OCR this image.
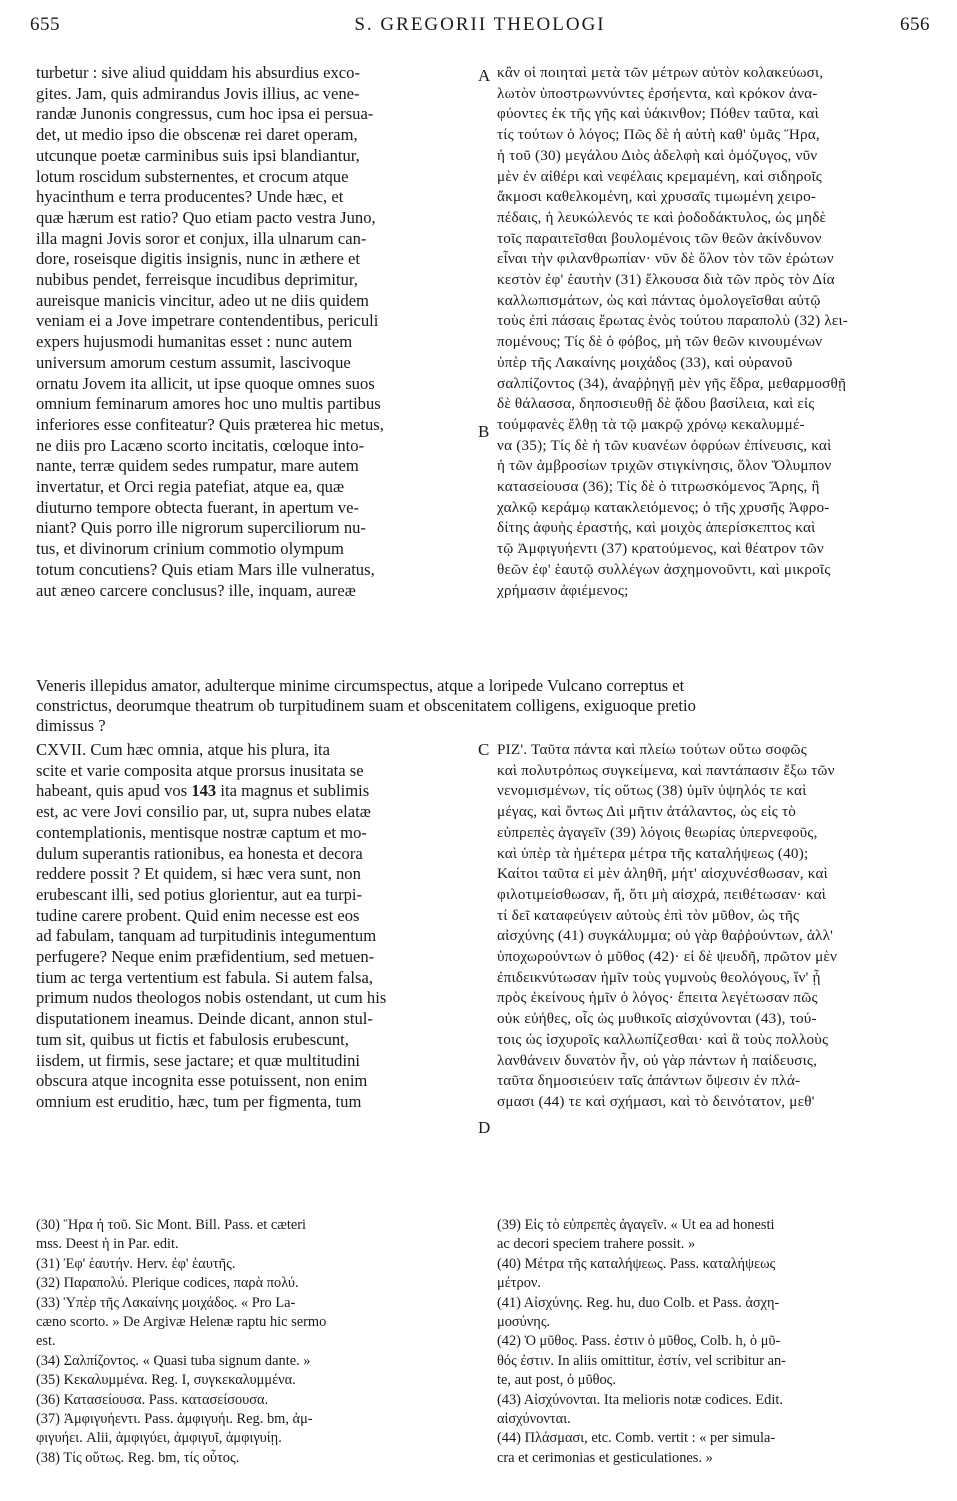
655	S. GREGORII THEOLOGI	656
turbetur : sive aliud quiddam his absurdius exco-
gites. Jam, quis admirandus Jovis illius, ac vene-
randæ Junonis congressus, cum hoc ipsa ei persua-
det, ut medio ipso die obscenæ rei daret operam,
utcunque poetæ carminibus suis ipsi blandiantur,
lotum roscidum substernentes, et crocum atque
hyacinthum e terra producentes? Unde hæc, et
quæ hærum est ratio? Quo etiam pacto vestra Juno,
illa magni Jovis soror et conjux, illa ulnarum can-
dore, roseisque digitis insignis, nunc in æthere et
nubibus pendet, ferreisque incudibus deprimitur,
aureisque manicis vincitur, adeo ut ne diis quidem
veniam ei a Jove impetrare contendentibus, periculi
expers hujusmodi humanitas esset : nunc autem
universum amorum cestum assumit, lascivoque
ornatu Jovem ita allicit, ut ipse quoque omnes suos
omnium feminarum amores hoc uno multis partibus
inferiores esse confiteatur? Quis præterea hic metus,
ne diis pro Lacæno scorto incitatis, cœloque into-
nante, terræ quidem sedes rumpatur, mare autem
invertatur, et Orci regia patefiat, atque ea, quæ
diuturno tempore obtecta fuerant, in apertum ve-
niant? Quis porro ille nigrorum superciliorum nu-
tus, et divinorum crinium commotio olympum
totum concutiens? Quis etiam Mars ille vulneratus,
aut æneo carcere conclusus? ille, inquam, aureæ
κἂν οἱ ποιηταὶ μετὰ τῶν μέτρων αὐτὸν κολακεύωσι,
λωτὸν ὑποστρωννύντες ἐρσήεντα, καὶ κρόκον ἀνα-
φύοντες ἐκ τῆς γῆς καὶ ὑάκινθον; Πόθεν ταῦτα, καὶ
τίς τούτων ὁ λόγος; Πῶς δὲ ἡ αὐτὴ καθ' ὑμᾶς Ἥρα,
ἡ τοῦ (30) μεγάλου Διὸς ἀδελφὴ καὶ ὁμόζυγος, νῦν
μὲν ἐν αἰθέρι καὶ νεφέλαις κρεμαμένη, καὶ σιδηροῖς
ἄκμοσι καθελκομένη, καὶ χρυσαῖς τιμωμένη χειρο-
πέδαις, ἡ λευκώλενός τε καὶ ῥοδοδάκτυλος, ὡς μηδὲ
τοῖς παραιτεῖσθαι βουλομένοις τῶν θεῶν ἀκίνδυνον
εἶναι τὴν φιλανθρωπίαν· νῦν δὲ ὅλον τὸν τῶν ἐρώτων
κεστὸν ἐφ' ἑαυτὴν (31) ἕλκουσα διὰ τῶν πρὸς τὸν Δία
καλλωπισμάτων, ὡς καὶ πάντας ὁμολογεῖσθαι αὐτῷ
τοὺς ἐπὶ πάσαις ἔρωτας ἑνὸς τούτου παραπολὺ (32) λει-
πομένους; Τίς δὲ ὁ φόβος, μὴ τῶν θεῶν κινουμένων
ὑπὲρ τῆς Λακαίνης μοιχάδος (33), καὶ οὐρανοῦ
σαλπίζοντος (34), ἀναῤῥηγῇ μὲν γῆς ἕδρα, μεθαρμοσθῇ
δὲ θάλασσα, δηποσιευθῇ δὲ ᾅδου βασίλεια, καὶ εἰς
τούμφανὲς ἔλθῃ τὰ τῷ μακρῷ χρόνῳ κεκαλυμμέ-
να (35); Τίς δὲ ἡ τῶν κυανέων ὀφρύων ἐπίνευσις, καὶ
ἡ τῶν ἀμβροσίων τριχῶν στιγκίνησις, ὅλον Ὄλυμπον
κατασείουσα (36); Τίς δὲ ὁ τιτρωσκόμενος Ἄρης, ἢ
χαλκῷ κεράμῳ κατακλειόμενος; ὁ τῆς χρυσῆς Ἀφρο-
δίτης ἀφυὴς ἐραστής, καὶ μοιχὸς ἀπερίσκεπτος καὶ
τῷ Ἀμφιγυήεντι (37) κρατούμενος, καὶ θέατρον τῶν
θεῶν ἐφ' ἑαυτῷ συλλέγων ἀσχημονοῦντι, καὶ μικροῖς
χρήμασιν ἀφιέμενος;
A
B
C
D
Veneris illepidus amator, adulterque minime circumspectus, atque a loripede Vulcano correptus et
constrictus, deorumque theatrum ob turpitudinem suam et obscenitatem colligens, exiguoque pretio
dimissus ?
CXVII. Cum hæc omnia, atque his plura, ita
scite et varie composita atque prorsus inusitata se
habeant, quis apud vos 143 ita magnus et sublimis
est, ac vere Jovi consilio par, ut, supra nubes elatæ
contemplationis, mentisque nostræ captum et mo-
dulum superantis rationibus, ea honesta et decora
reddere possit ? Et quidem, si hæc vera sunt, non
erubescant illi, sed potius glorientur, aut ea turpi-
tudine carere probent. Quid enim necesse est eos
ad fabulam, tanquam ad turpitudinis integumentum
perfugere? Neque enim præfidentium, sed metuen-
tium ac terga vertentium est fabula. Si autem falsa,
primum nudos theologos nobis ostendant, ut cum his
disputationem ineamus. Deinde dicant, annon stul-
tum sit, quibus ut fictis et fabulosis erubescunt,
iisdem, ut firmis, sese jactare; et quæ multitudini
obscura atque incognita esse potuissent, non enim
omnium est eruditio, hæc, tum per figmenta, tum
ΡΙΖ'. Ταῦτα πάντα καὶ πλείω τούτων οὕτω σοφῶς
καὶ πολυτρόπως συγκείμενα, καὶ παντάπασιν ἔξω τῶν
νενομισμένων, τίς οὕτως (38) ὑμῖν ὑψηλός τε καὶ
μέγας, καὶ ὄντως Διὶ μῆτιν ἀτάλαντος, ὡς εἰς τὸ
εὐπρεπὲς ἀγαγεῖν (39) λόγοις θεωρίας ὑπερνεφοῦς,
καὶ ὑπὲρ τὰ ἡμέτερα μέτρα τῆς καταλήψεως (40);
Καίτοι ταῦτα εἰ μὲν ἀληθῆ, μήτ' αἰσχυνέσθωσαν, καὶ
φιλοτιμείσθωσαν, ἤ, ὅτι μὴ αἰσχρά, πειθέτωσαν· καὶ
τί δεῖ καταφεύγειν αὐτοὺς ἐπὶ τὸν μῦθον, ὡς τῆς
αἰσχύνης (41) συγκάλυμμα; οὐ γὰρ θαῤῥούντων, ἀλλ'
ὑποχωρούντων ὁ μῦθος (42)· εἰ δὲ ψευδῆ, πρῶτον μὲν
ἐπιδεικνύτωσαν ἡμῖν τοὺς γυμνοὺς θεολόγους, ἵν' ᾖ
πρὸς ἐκείνους ἡμῖν ὁ λόγος· ἔπειτα λεγέτωσαν πῶς
οὐκ εὐήθες, οἷς ὡς μυθικοῖς αἰσχύνονται (43), τού-
τοις ὡς ἰσχυροῖς καλλωπίζεσθαι· καὶ ἃ τοὺς πολλοὺς
λανθάνειν δυνατὸν ἦν, οὐ γὰρ πάντων ἡ παίδευσις,
ταῦτα δημοσιεύειν ταῖς ἁπάντων ὄψεσιν ἐν πλά-
σμασι (44) τε καὶ σχήμασι, καὶ τὸ δεινότατον, μεθ'
(30) Ἥρα ἡ τοῦ. Sic Mont. Bill. Pass. et cæteri
mss. Deest ἡ in Par. edit.
(31) Ἐφ' ἑαυτήν. Herv. ἐφ' ἑαυτῆς.
(32) Παραπολύ. Plerique codices, παρὰ πολύ.
(33) Ὑπὲρ τῆς Λακαίνης μοιχάδος. « Pro La-
cæno scorto. » De Argivæ Helenæ raptu hic sermo
est.
(34) Σαλπίζοντος. « Quasi tuba signum dante. »
(35) Κεκαλυμμένα. Reg. I, συγκεκαλυμμένα.
(36) Κατασείουσα. Pass. κατασείσουσα.
(37) Ἀμφιγυήεντι. Pass. ἀμφιγυήι. Reg. bm, ἀμ-
φιγυήει. Alii, ἀμφιγύει, ἀμφιγυῖ, ἀμφιγυίῃ.
(38) Τίς οὕτως. Reg. bm, τίς οὗτος.
(39) Εἰς τὸ εὐπρεπὲς ἀγαγεῖν. « Ut ea ad honesti
ac decori speciem trahere possit. »
(40) Μέτρα τῆς καταλήψεως. Pass. καταλήψεως
μέτρον.
(41) Αἰσχύνης. Reg. hu, duo Colb. et Pass. ἀσχη-
μοσύνης.
(42) Ὁ μῦθος. Pass. ἐστιν ὁ μῦθος, Colb. h, ὁ μῦ-
θός ἐστιν. In aliis omittitur, ἐστίν, vel scribitur an-
te, aut post, ὁ μῦθος.
(43) Αἰσχύνονται. Ita melioris notæ codices. Edit.
αἰσχύνονται.
(44) Πλάσμασι, etc. Comb. vertit : « per simula-
cra et cerimonias et gesticulationes. »
